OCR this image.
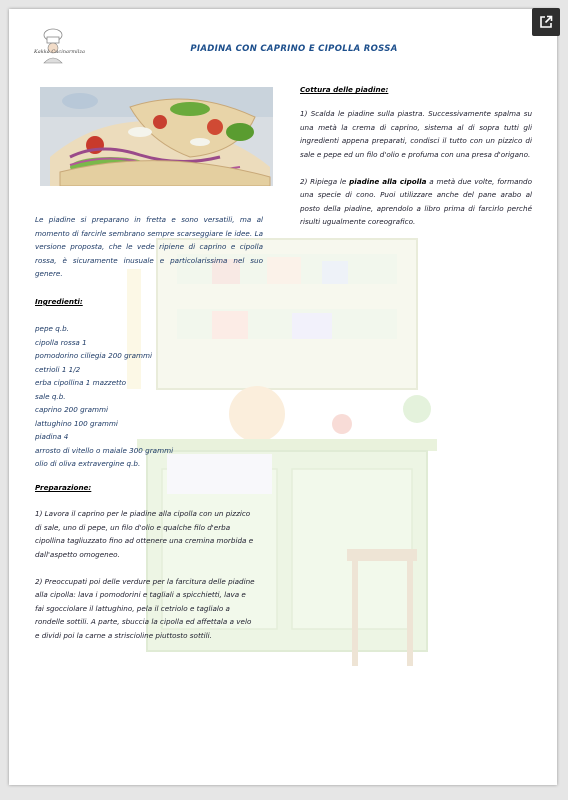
Kakkà Cucinarmilza	PIADINA CON CAPRINO E CIPOLLA ROSSA
Le piadine si preparano in fretta e sono versatili, ma al momento di farcirle sembrano sempre scarseggiare le idee. La versione proposta, che le vede ripiene di caprino e cipolla rossa, è sicuramente inusuale e particolarissima nel suo genere.
Ingredienti:
pepe q.b.
cipolla rossa 1
pomodorino ciliegia 200 grammi
cetrioli 1 1/2
erba cipollina 1 mazzetto
sale q.b.
caprino 200 grammi
lattughino 100 grammi
piadina 4
arrosto di vitello o maiale 300 grammi
olio di oliva extravergine q.b.
Preparazione:

1) Lavora il caprino per le piadine alla cipolla con un pizzico di sale, uno di pepe, un filo d'olio e qualche filo d'erba cipollina tagliuzzato fino ad ottenere una cremina morbida e dall'aspetto omogeneo.

2) Preoccupati poi delle verdure per la farcitura delle piadine alla cipolla: lava i pomodorini e tagliali a spicchietti, lava e fai sgocciolare il lattughino, pela il cetriolo e taglialo a rondelle sottili. A parte, sbuccia la cipolla ed affettala a velo e dividi poi la carne a striscioline piuttosto sottili.

Cottura delle piadine:

1) Scalda le piadine sulla piastra. Successivamente spalma su una metà la crema di caprino, sistema al di sopra tutti gli ingredienti appena preparati, condisci il tutto con un pizzico di sale e pepe ed un filo d'olio e profuma con una presa d'origano.

2) Ripiega le piadine alla cipolla a metà due volte, formando una specie di cono. Puoi utilizzare anche del pane arabo al posto della piadine, aprendolo a libro prima di farcirlo perché risulti ugualmente coreografico.
